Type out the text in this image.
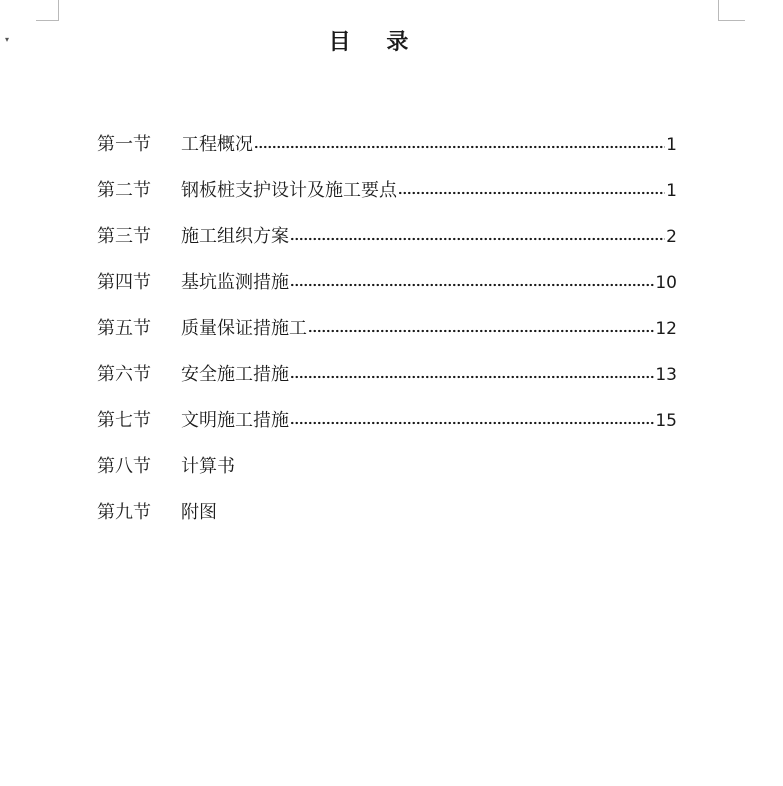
▾	目 录
第一节	工程概况	1
第二节	钢板桩支护设计及施工要点	1
第三节	施工组织方案	2
第四节	基坑监测措施	10
第五节	质量保证措施工	12
第六节	安全施工措施	13
第七节	文明施工措施	15
第八节	计算书
第九节	附图
